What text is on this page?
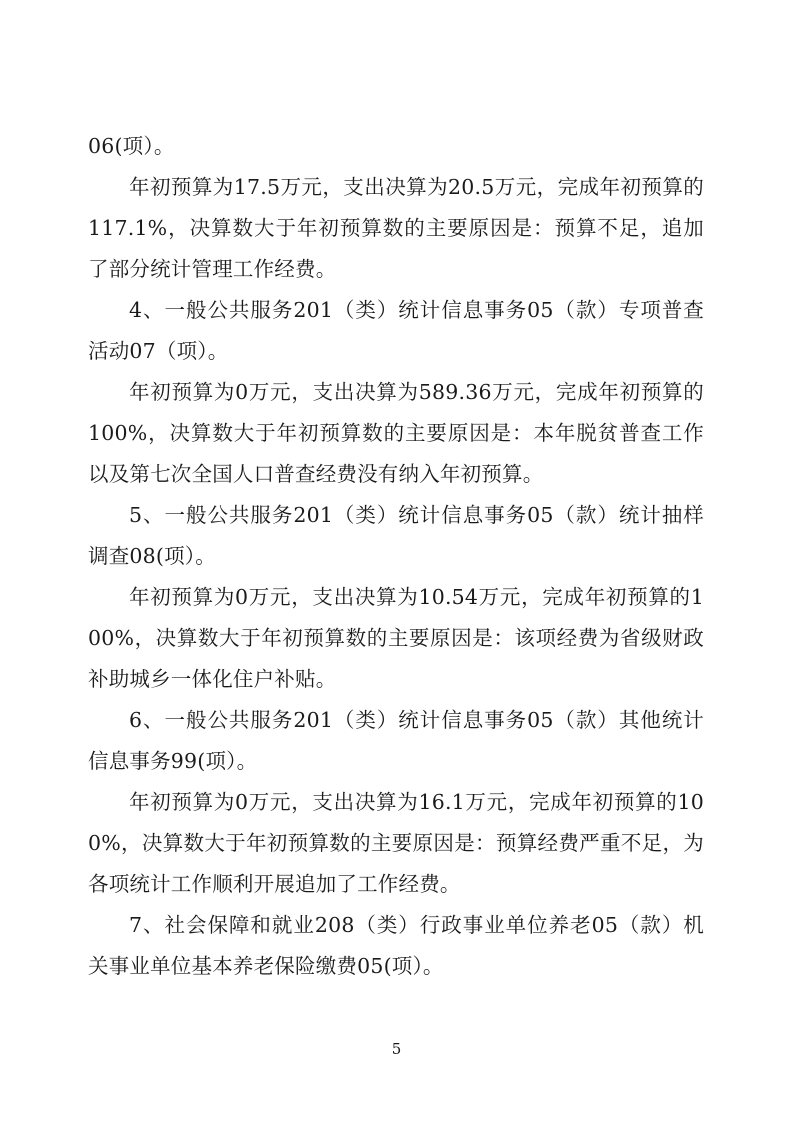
06(项）。

年初预算为17.5万元，支出决算为20.5万元，完成年初预算的117.1%，决算数大于年初预算数的主要原因是：预算不足，追加了部分统计管理工作经费。

4、一般公共服务201（类）统计信息事务05（款）专项普查活动07（项）。

年初预算为0万元，支出决算为589.36万元，完成年初预算的100%，决算数大于年初预算数的主要原因是：本年脱贫普查工作以及第七次全国人口普查经费没有纳入年初预算。

5、一般公共服务201（类）统计信息事务05（款）统计抽样调查08(项）。

年初预算为0万元，支出决算为10.54万元，完成年初预算的100%，决算数大于年初预算数的主要原因是：该项经费为省级财政补助城乡一体化住户补贴。

6、一般公共服务201（类）统计信息事务05（款）其他统计信息事务99(项）。

年初预算为0万元，支出决算为16.1万元，完成年初预算的100%，决算数大于年初预算数的主要原因是：预算经费严重不足，为各项统计工作顺利开展追加了工作经费。

7、社会保障和就业208（类）行政事业单位养老05（款）机关事业单位基本养老保险缴费05(项）。

5
